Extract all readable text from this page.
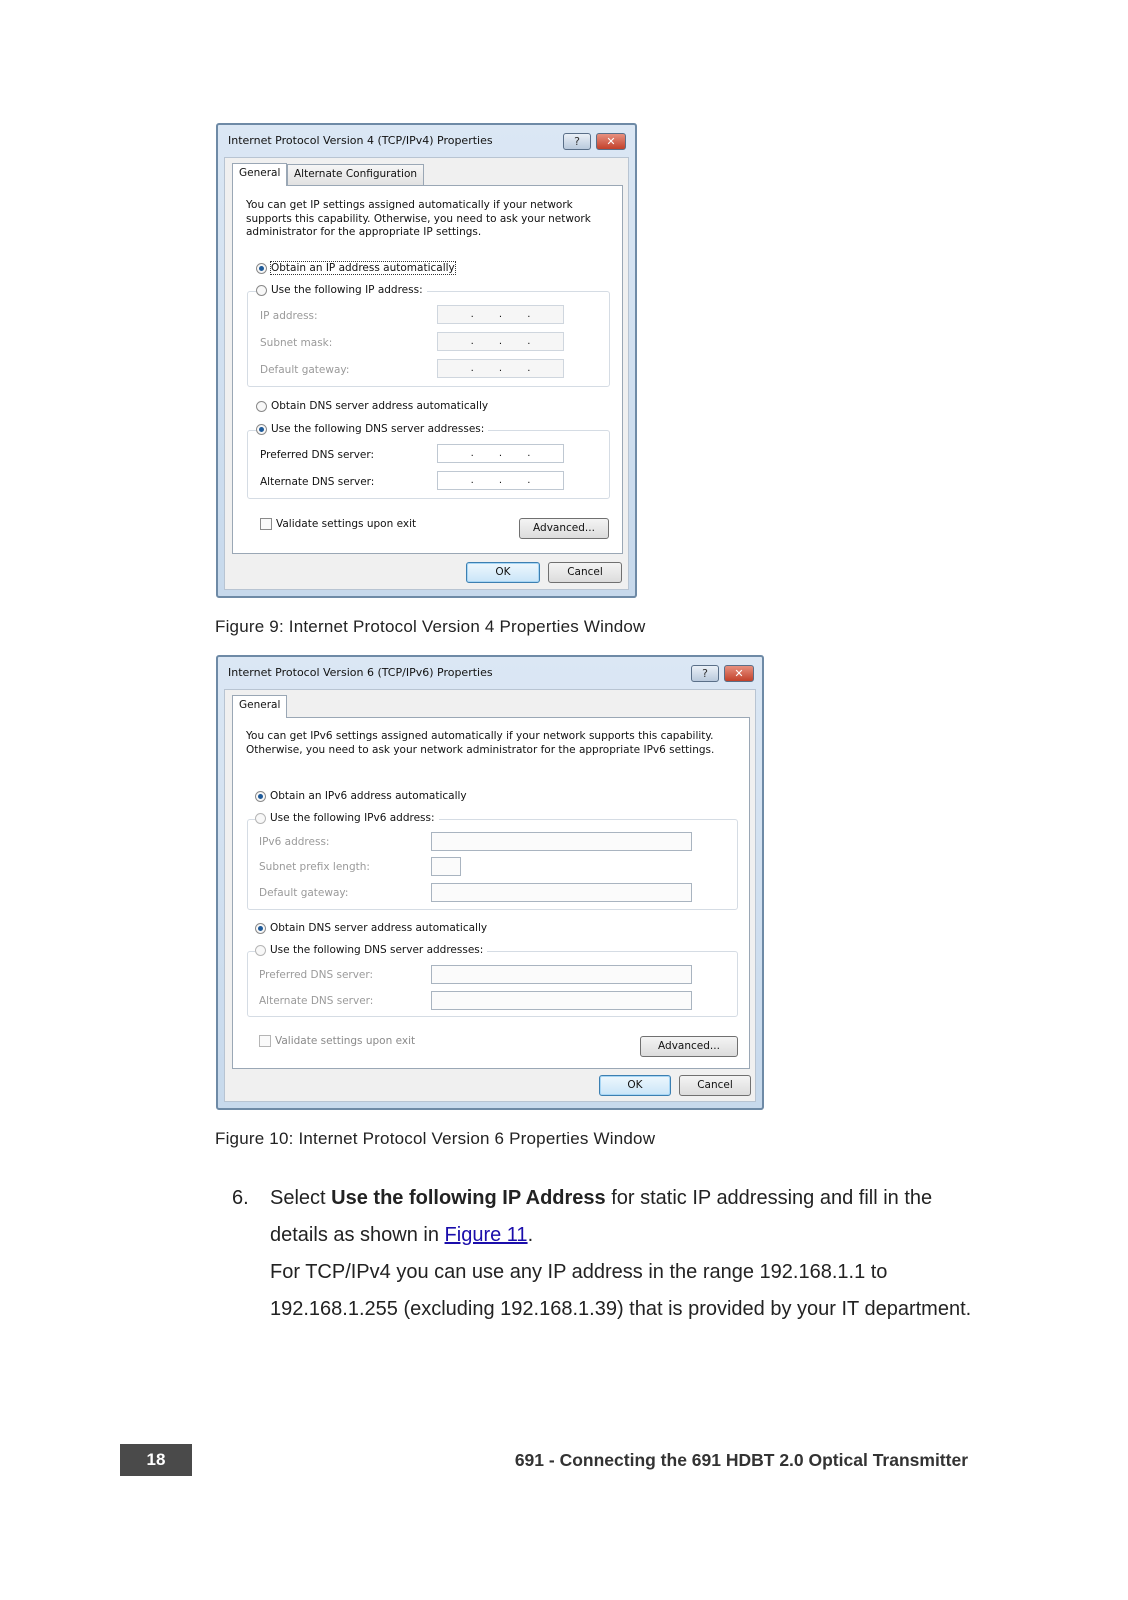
Internet Protocol Version 4 (TCP/IPv4) Properties	?	✕
General	Alternate Configuration
You can get IP settings assigned automatically if your network supports this capability. Otherwise, you need to ask your network administrator for the appropriate IP settings.
Obtain an IP address automatically
Use the following IP address:
IP address:	.	.	.
Subnet mask:	.	.	.
Default gateway:	.	.	.
Obtain DNS server address automatically
Use the following DNS server addresses:
Preferred DNS server:	.	.	.
Alternate DNS server:	.	.	.
Validate settings upon exit	Advanced...
OK	Cancel
Figure 9: Internet Protocol Version 4 Properties Window
Internet Protocol Version 6 (TCP/IPv6) Properties	?	✕
General
You can get IPv6 settings assigned automatically if your network supports this capability. Otherwise, you need to ask your network administrator for the appropriate IPv6 settings.
Obtain an IPv6 address automatically
Use the following IPv6 address:
IPv6 address:
Subnet prefix length:
Default gateway:
Obtain DNS server address automatically
Use the following DNS server addresses:
Preferred DNS server:
Alternate DNS server:
Validate settings upon exit	Advanced...
OK	Cancel
Figure 10: Internet Protocol Version 6 Properties Window
6. Select Use the following IP Address for static IP addressing and fill in the details as shown in Figure 11.
For TCP/IPv4 you can use any IP address in the range 192.168.1.1 to 192.168.1.255 (excluding 192.168.1.39) that is provided by your IT department.
18	691 - Connecting the 691 HDBT 2.0 Optical Transmitter
